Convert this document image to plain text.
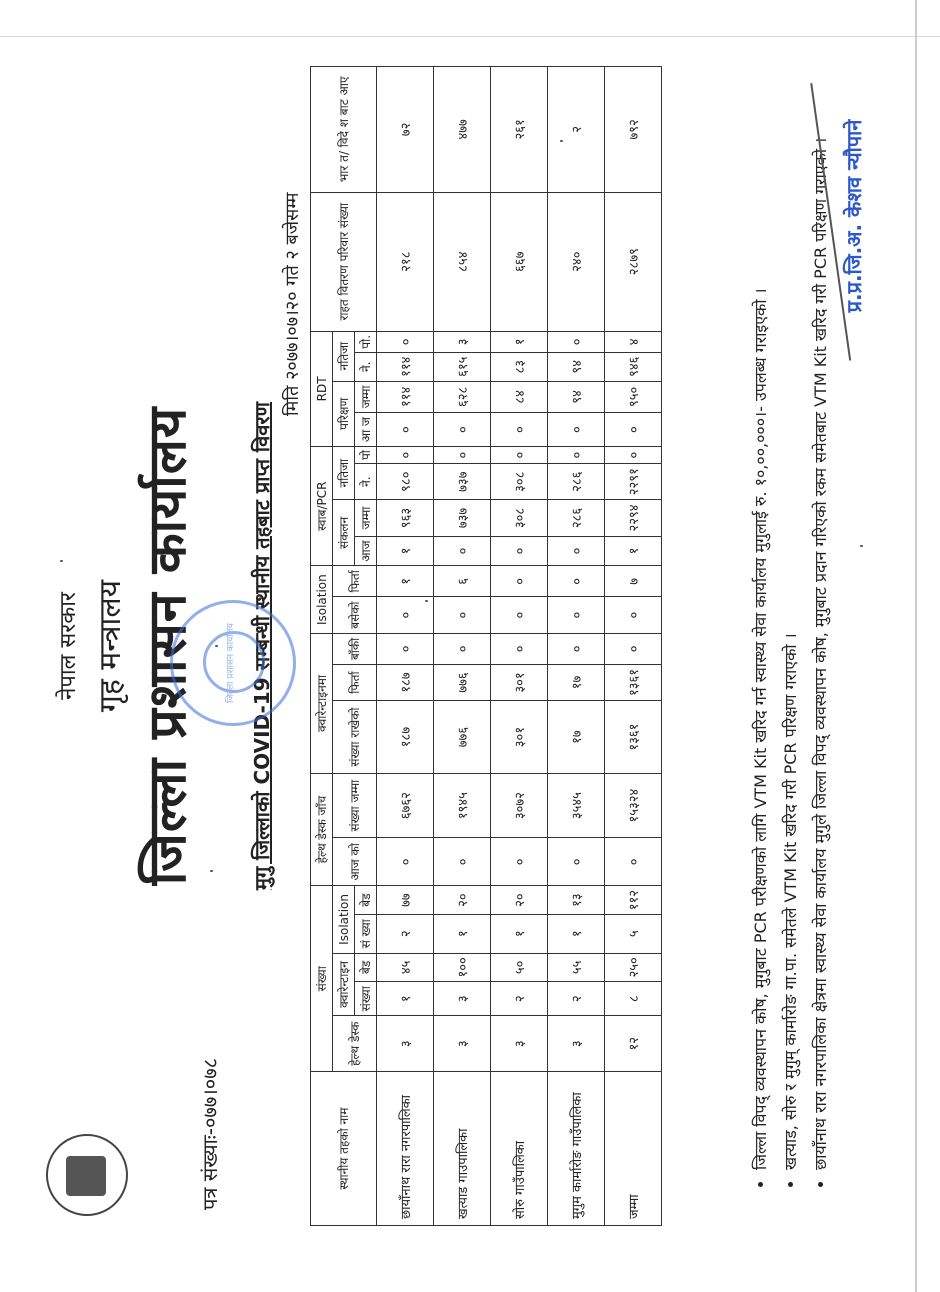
नेपाल सरकार गृह मन्त्रालय जिल्ला प्रशासन कार्यालय
पत्र संख्याः-०७७।०७८
मुगु जिल्लाको COVID-19 सम्बन्धी स्थानीय तहबाट प्राप्त विवरण
मिति २०७७।०७।२० गते २ बजेसम्म
जिल्ला प्रशासन कार्यालय
स्थानीय तहको नाम	संख्या					हेल्थ डेस्क जाँच		क्वारेन्टाइनमा			Isolation		स्वाब/PCR				RDT				राहत वितरण परिवार संख्या	भार त/ विदे श बाट आए
	हेल्थ डेस्क	क्वारेन्टाइन		Isolation		आज को	संख्या जम्मा	संख्या राखेको	फिर्ता	बाँकी	बसेको	फिर्ता	संकलन		नतिजा		परिक्षण		नतिजा			
		संख्या	बेड	सं ख्या	बेड								आज	जम्मा	ने.	पो	आ ज	जम्मा	ने.	पो.		

छायाँनाथ रारा नगरपालिका	३	१	४५	२	७७	०	६७६२	१८७	१८७	०	०	१	१	९६३	९८०	०	०	११४	११४	०	२१८	७२
खत्याड गाउपालिका	३	३	१००	१	२०	०	१९४५	७७६	७७६	०	०	६	०	७३७	७३७	०	०	६२८	६१५	३	८५४	४७७
सोरु गाउँपालिका	३	२	५०	१	२०	०	३०७२	३०१	३०१	०	०	०	०	३०८	३०८	०	०	८४	८३	१	६६७	२६१
मुगुम कार्मारोङ गाउँपालिका	३	२	५५	१	१३	०	३५४५	१७	१७	०	०	०	०	२८६	२८६	०	०	९४	९४	०	२४०	२
जम्मा	१२	८	२५०	५	११२	०	१५३२४	१३६१	१३६१	०	०	७	१	२२९४	२२९१	०	०	९५०	९४६	४	२८७९	७९२
• जिल्ला विपद् व्यवस्थापन कोष, मुगुबाट PCR परीक्षणको लागि VTM Kit खरिद गर्न स्वास्थ्य सेवा कार्यालय मुगुलाई रु. १०,००,०००।- उपलब्ध गराइएको । • खत्याड, सोरु र मुगुम् कार्मारोङ गा.पा. समेतले VTM Kit खरिद गरी PCR परिक्षण गराएको । • छायाँनाथ रारा नगरपालिका क्षेत्रमा स्वास्थ्य सेवा कार्यालय मुगुले जिल्ला विपद् व्यवस्थापन कोष, मुगुबाट प्रदान गरिएको रकम समेतबाट VTM Kit खरिद गरी PCR परिक्षण गराएको । प्र.प्र.जि.अ. केशव न्यौपाने
